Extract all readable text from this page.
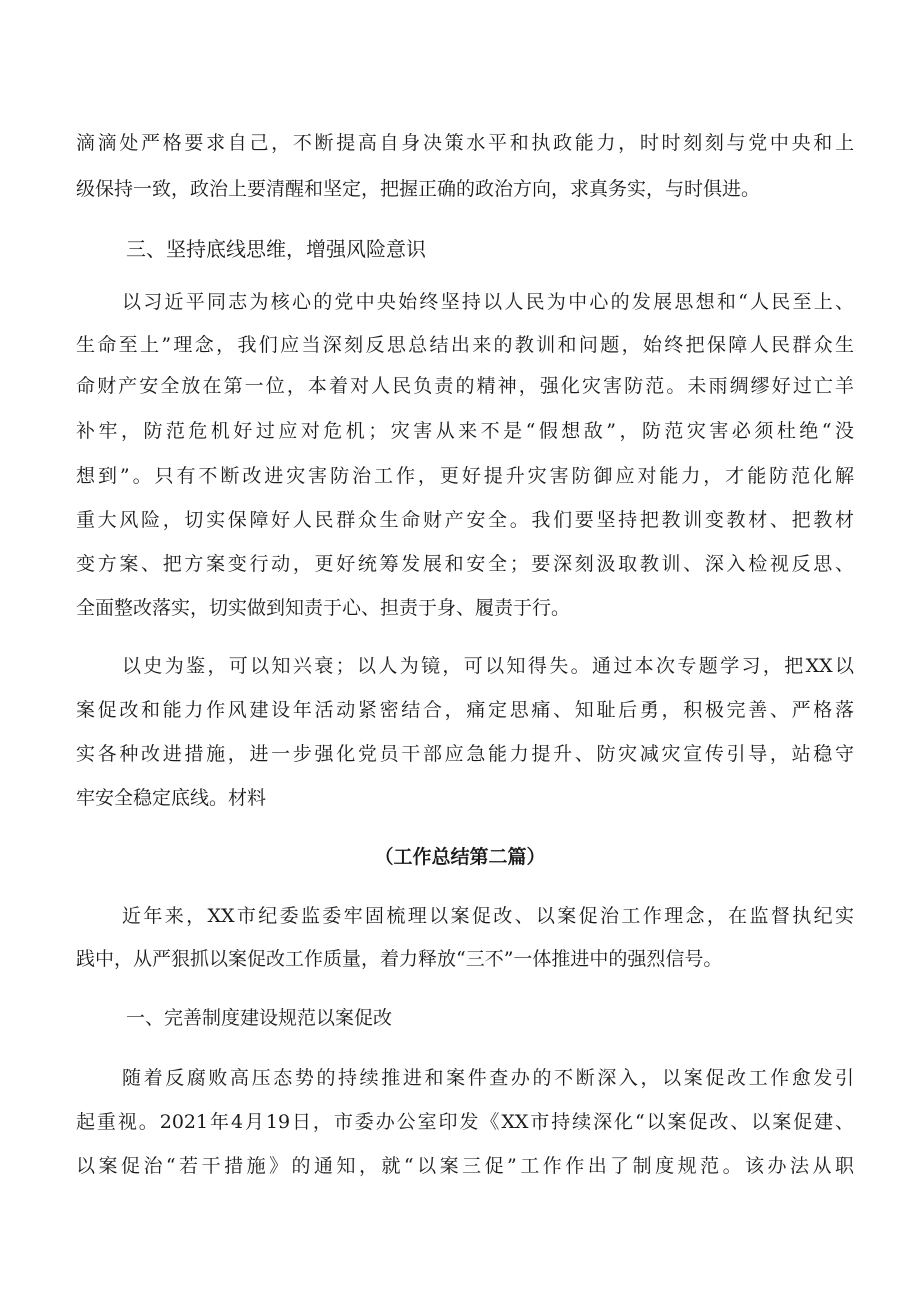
滴滴处严格要求自己，不断提高自身决策水平和执政能力，时时刻刻与党中央和上
级保持一致，政治上要清醒和坚定，把握正确的政治方向，求真务实，与时俱进。
三、坚持底线思维，增强风险意识
以习近平同志为核心的党中央始终坚持以人民为中心的发展思想和“人民至上、
生命至上”理念，我们应当深刻反思总结出来的教训和问题，始终把保障人民群众生
命财产安全放在第一位，本着对人民负责的精神，强化灾害防范。未雨绸缪好过亡羊
补牢，防范危机好过应对危机；灾害从来不是“假想敌”，防范灾害必须杜绝“没
想到”。只有不断改进灾害防治工作，更好提升灾害防御应对能力，才能防范化解
重大风险，切实保障好人民群众生命财产安全。我们要坚持把教训变教材、把教材
变方案、把方案变行动，更好统筹发展和安全；要深刻汲取教训、深入检视反思、
全面整改落实，切实做到知责于心、担责于身、履责于行。
以史为鉴，可以知兴衰；以人为镜，可以知得失。通过本次专题学习，把XX以
案促改和能力作风建设年活动紧密结合，痛定思痛、知耻后勇，积极完善、严格落
实各种改进措施，进一步强化党员干部应急能力提升、防灾减灾宣传引导，站稳守
牢安全稳定底线。材料
（工作总结第二篇）
近年来，XX市纪委监委牢固梳理以案促改、以案促治工作理念，在监督执纪实
践中，从严狠抓以案促改工作质量，着力释放“三不”一体推进中的强烈信号。
一、完善制度建设规范以案促改
随着反腐败高压态势的持续推进和案件查办的不断深入，以案促改工作愈发引
起重视。2021年4月19日，市委办公室印发《XX市持续深化“以案促改、以案促建、
以案促治“若干措施》的通知，就“以案三促”工作作出了制度规范。该办法从职
